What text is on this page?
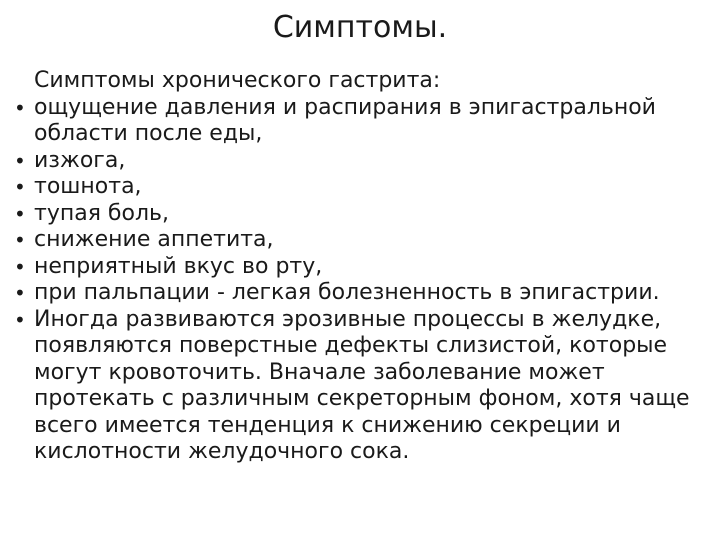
Симптомы.

Симптомы хронического гастрита:

• ощущение давления и распирания в эпигастральной области после еды,
• изжога,
• тошнота,
• тупая боль,
• снижение аппетита,
• неприятный вкус во рту,
• при пальпации - легкая болезненность в эпигастрии.
• Иногда развиваются эрозивные процессы в желудке, появляются поверстные дефекты слизистой, которые могут кровоточить. Вначале заболевание может протекать с различным секреторным фоном, хотя чаще всего имеется тенденция к снижению секреции и кислотности желудочного сока.
